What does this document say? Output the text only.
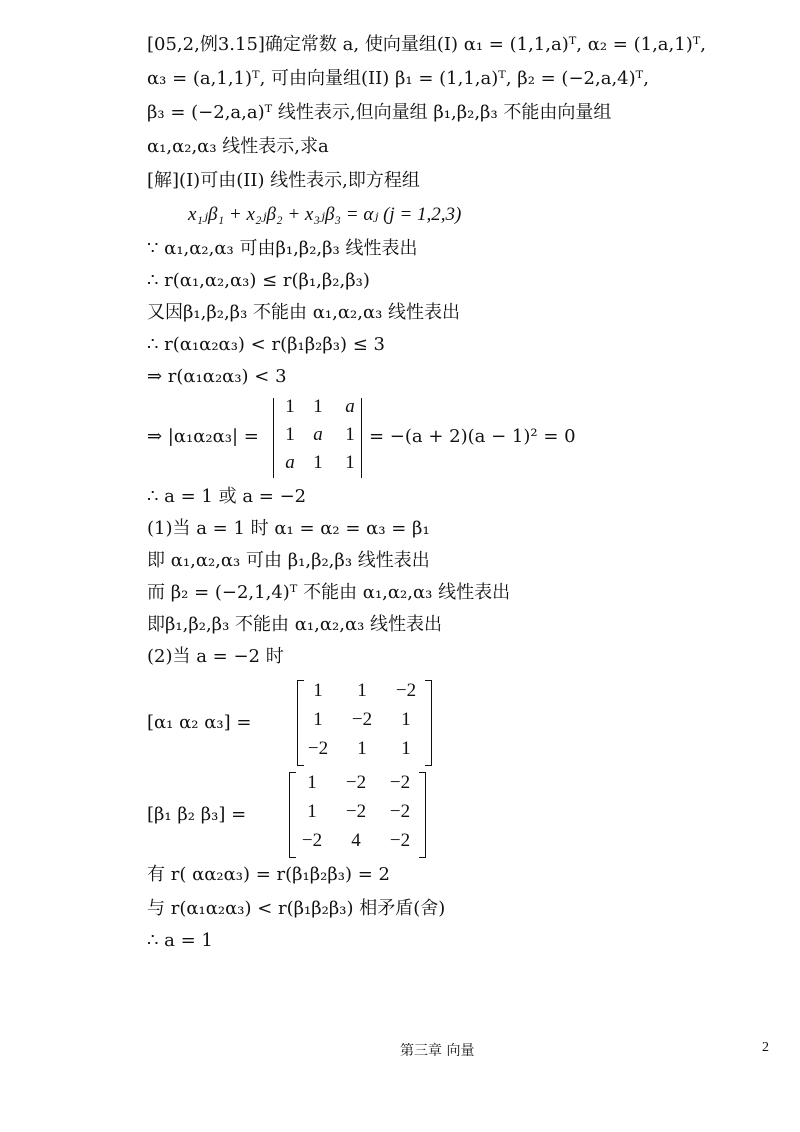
[05,2,例3.15]确定常数 a, 使向量组(I) α₁ = (1,1,a)ᵀ, α₂ = (1,a,1)ᵀ,
α₃ = (a,1,1)ᵀ, 可由向量组(II) β₁ = (1,1,a)ᵀ, β₂ = (−2,a,4)ᵀ,
β₃ = (−2,a,a)ᵀ 线性表示,但向量组 β₁,β₂,β₃ 不能由向量组
α₁,α₂,α₃ 线性表示,求a
[解](I)可由(II) 线性表示,即方程组
x₁ⱼβ₁ + x₂ⱼβ₂ + x₃ⱼβ₃ = αⱼ (j = 1,2,3)
∵ α₁,α₂,α₃ 可由β₁,β₂,β₃ 线性表出
∴ r(α₁,α₂,α₃) ≤ r(β₁,β₂,β₃)
又因β₁,β₂,β₃ 不能由 α₁,α₂,α₃ 线性表出
∴ r(α₁α₂α₃) < r(β₁β₂β₃) ≤ 3
⇒ r(α₁α₂α₃) < 3
⇒ |α₁α₂α₃| =
1 1	a
1 a	1
a 1	1
= −(a + 2)(a − 1)² = 0
∴ a = 1 或 a = −2
(1)当 a = 1 时 α₁ = α₂ = α₃ = β₁
即 α₁,α₂,α₃ 可由 β₁,β₂,β₃ 线性表出
而 β₂ = (−2,1,4)ᵀ 不能由 α₁,α₂,α₃ 线性表出
即β₁,β₂,β₃ 不能由 α₁,α₂,α₃ 线性表出
(2)当 a = −2 时
[α₁ α₂ α₃] =
1	1	−2
1	−2	1
−2	1	1
[β₁ β₂ β₃] =
1	−2	−2
1	−2	−2
−2	4	−2
有 r( αα₂α₃) = r(β₁β₂β₃) = 2
与 r(α₁α₂α₃) < r(β₁β₂β₃) 相矛盾(舍)
∴ a = 1
第三章 向量	2
